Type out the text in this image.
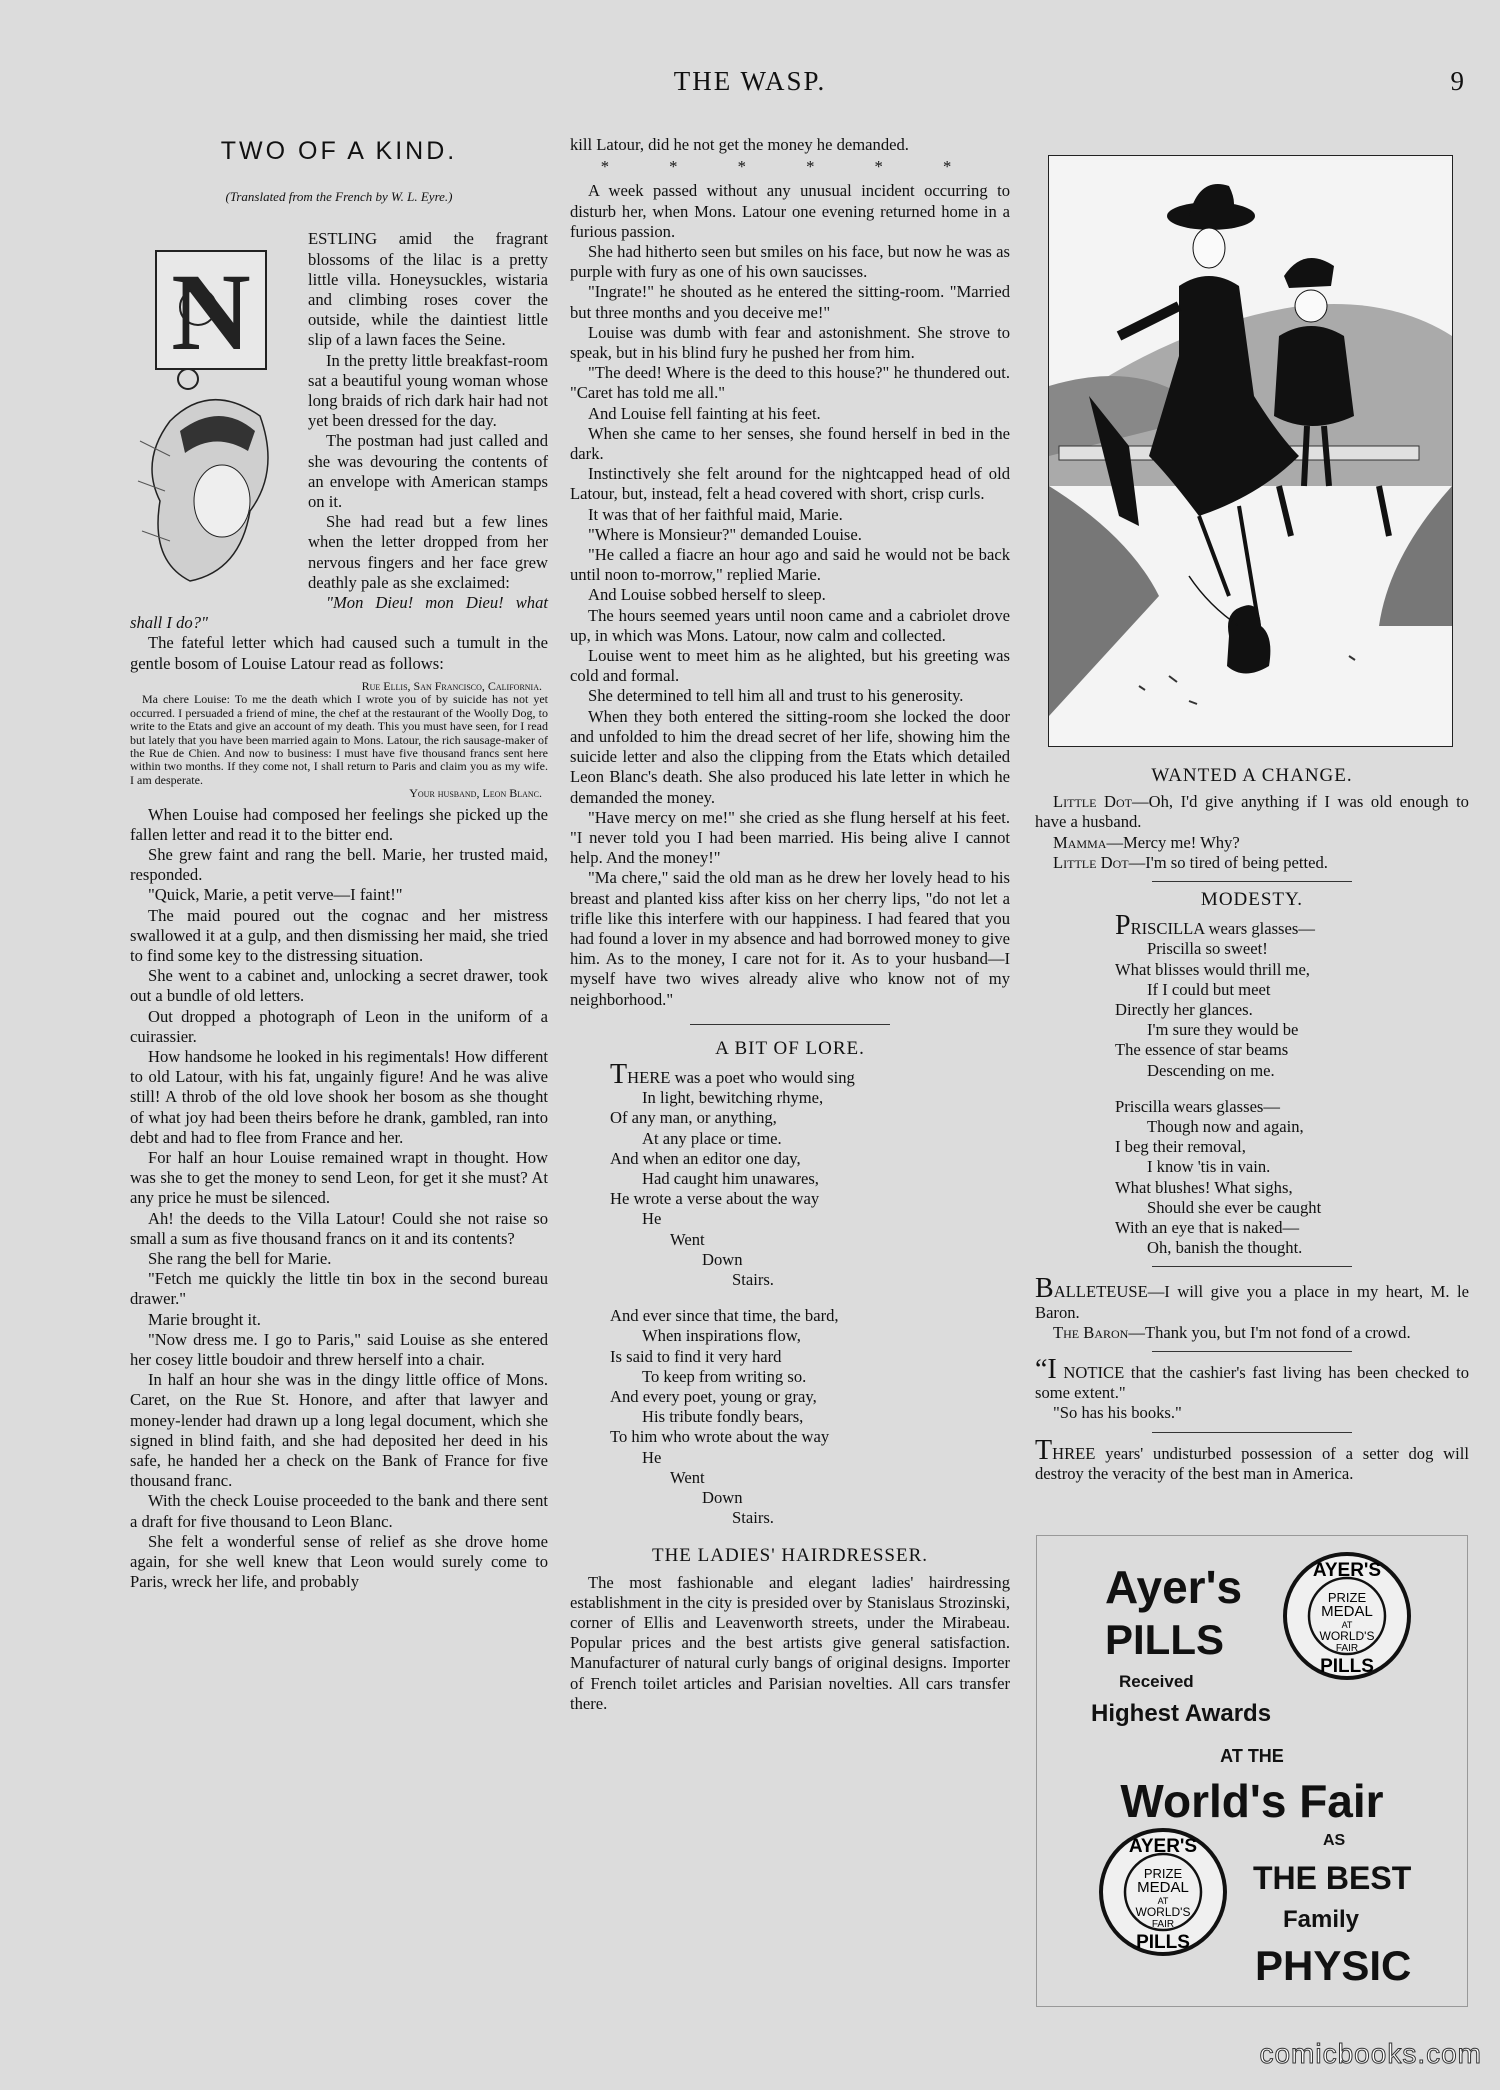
THE WASP.	9
TWO OF A KIND.
(Translated from the French by W. L. Eyre.)
N

ESTLING amid the fragrant blossoms of the lilac is a pretty little villa. Honeysuckles, wistaria and climbing roses cover the outside, while the daintiest little slip of a lawn faces the Seine.

In the pretty little breakfast-room sat a beautiful young woman whose long braids of rich dark hair had not yet been dressed for the day.

The postman had just called and she was devouring the contents of an envelope with American stamps on it.

She had read but a few lines when the letter dropped from her nervous fingers and her face grew deathly pale as she exclaimed:

"Mon Dieu! mon Dieu! what shall I do?"

The fateful letter which had caused such a tumult in the gentle bosom of Louise Latour read as follows:

Rue Ellis, San Francisco, California.

Ma chere Louise: To me the death which I wrote you of by suicide has not yet occurred. I persuaded a friend of mine, the chef at the restaurant of the Woolly Dog, to write to the Etats and give an account of my death. This you must have seen, for I read but lately that you have been married again to Mons. Latour, the rich sausage-maker of the Rue de Chien. And now to business: I must have five thousand francs sent here within two months. If they come not, I shall return to Paris and claim you as my wife. I am desperate.

Your husband, Leon Blanc.

When Louise had composed her feelings she picked up the fallen letter and read it to the bitter end.

She grew faint and rang the bell. Marie, her trusted maid, responded.

"Quick, Marie, a petit verve—I faint!"

The maid poured out the cognac and her mistress swallowed it at a gulp, and then dismissing her maid, she tried to find some key to the distressing situation.

She went to a cabinet and, unlocking a secret drawer, took out a bundle of old letters.

Out dropped a photograph of Leon in the uniform of a cuirassier.

How handsome he looked in his regimentals! How different to old Latour, with his fat, ungainly figure! And he was alive still! A throb of the old love shook her bosom as she thought of what joy had been theirs before he drank, gambled, ran into debt and had to flee from France and her.

For half an hour Louise remained wrapt in thought. How was she to get the money to send Leon, for get it she must? At any price he must be silenced.

Ah! the deeds to the Villa Latour! Could she not raise so small a sum as five thousand francs on it and its contents?

She rang the bell for Marie.

"Fetch me quickly the little tin box in the second bureau drawer."

Marie brought it.

"Now dress me. I go to Paris," said Louise as she entered her cosey little boudoir and threw herself into a chair.

In half an hour she was in the dingy little office of Mons. Caret, on the Rue St. Honore, and after that lawyer and money-lender had drawn up a long legal document, which she signed in blind faith, and she had deposited her deed in his safe, he handed her a check on the Bank of France for five thousand franc.

With the check Louise proceeded to the bank and there sent a draft for five thousand to Leon Blanc.

She felt a wonderful sense of relief as she drove home again, for she well knew that Leon would surely come to Paris, wreck her life, and probably

kill Latour, did he not get the money he demanded.

* * * * * *

A week passed without any unusual incident occurring to disturb her, when Mons. Latour one evening returned home in a furious passion.

She had hitherto seen but smiles on his face, but now he was as purple with fury as one of his own saucisses.

"Ingrate!" he shouted as he entered the sitting-room. "Married but three months and you deceive me!"

Louise was dumb with fear and astonishment. She strove to speak, but in his blind fury he pushed her from him.

"The deed! Where is the deed to this house?" he thundered out. "Caret has told me all."

And Louise fell fainting at his feet.

When she came to her senses, she found herself in bed in the dark.

Instinctively she felt around for the nightcapped head of old Latour, but, instead, felt a head covered with short, crisp curls.

It was that of her faithful maid, Marie.

"Where is Monsieur?" demanded Louise.

"He called a fiacre an hour ago and said he would not be back until noon to-morrow," replied Marie.

And Louise sobbed herself to sleep.

The hours seemed years until noon came and a cabriolet drove up, in which was Mons. Latour, now calm and collected.

Louise went to meet him as he alighted, but his greeting was cold and formal.

She determined to tell him all and trust to his generosity.

When they both entered the sitting-room she locked the door and unfolded to him the dread secret of her life, showing him the suicide letter and also the clipping from the Etats which detailed Leon Blanc's death. She also produced his late letter in which he demanded the money.

"Have mercy on me!" she cried as she flung herself at his feet. "I never told you I had been married. His being alive I cannot help. And the money!"

"Ma chere," said the old man as he drew her lovely head to his breast and planted kiss after kiss on her cherry lips, "do not let a trifle like this interfere with our happiness. I had feared that you had found a lover in my absence and had borrowed money to give him. As to the money, I care not for it. As to your husband—I myself have two wives already alive who know not of my neighborhood."

A BIT OF LORE.
THERE was a poet who would sing
In light, bewitching rhyme,
Of any man, or anything,
At any place or time.
And when an editor one day,
Had caught him unawares,
He wrote a verse about the way
He
Went
Down
Stairs.
And ever since that time, the bard,
When inspirations flow,
Is said to find it very hard
To keep from writing so.
And every poet, young or gray,
His tribute fondly bears,
To him who wrote about the way
He
Went
Down
Stairs.
THE LADIES' HAIRDRESSER.

The most fashionable and elegant ladies' hairdressing establishment in the city is presided over by Stanislaus Strozinski, corner of Ellis and Leavenworth streets, under the Mirabeau. Popular prices and the best artists give general satisfaction. Manufacturer of natural curly bangs of original designs. Importer of French toilet articles and Parisian novelties. All cars transfer there.

WANTED A CHANGE.

Little Dot—Oh, I'd give anything if I was old enough to have a husband.

Mamma—Mercy me! Why?

Little Dot—I'm so tired of being petted.

MODESTY.
PRISCILLA wears glasses—
Priscilla so sweet!
What blisses would thrill me,
If I could but meet
Directly her glances.
I'm sure they would be
The essence of star beams
Descending on me.
Priscilla wears glasses—
Though now and again,
I beg their removal,
I know 'tis in vain.
What blushes! What sighs,
Should she ever be caught
With an eye that is naked—
Oh, banish the thought.

BALLETEUSE—I will give you a place in my heart, M. le Baron.

The Baron—Thank you, but I'm not fond of a crowd.

“I NOTICE that the cashier's fast living has been checked to some extent."

"So has his books."

THREE years' undisturbed possession of a setter dog will destroy the veracity of the best man in America.

Ayer's
PILLS
Received
Highest Awards
AT THE
World's Fair
AS
THE BEST
Family
PHYSIC
AYER'S
PRIZE
MEDAL
AT
WORLD'S
FAIR
PILLS
AYER'S
PRIZE
MEDAL
AT
WORLD'S
FAIR
PILLS
comicbooks.com
